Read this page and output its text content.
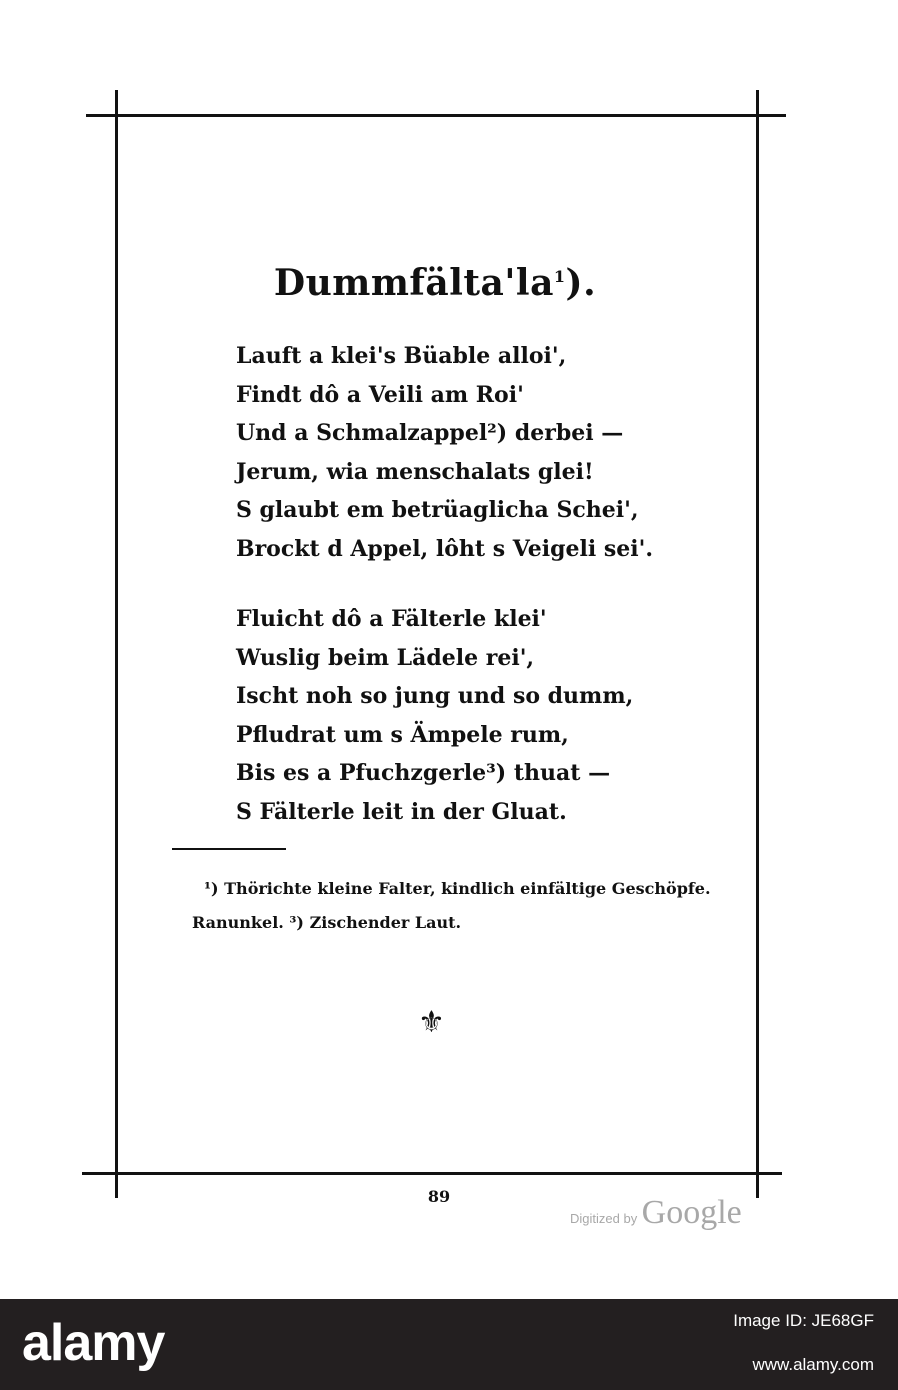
$Dummfälta'la^1$).
Lauft a klei's Büable alloi',
Findt dô a Veili am Roi'
Und a Schmalzappel²) derbei —
Jerum, wia menschalats glei!
S glaubt em betrüaglicha Schei',
Brockt d Appel, lôht s Veigeli sei'.
Fluicht dô a Fälterle klei'
Wuslig beim Lädele rei',
Ischt noh so jung und so dumm,
Pfludrat um s Ämpele rum,
Bis es a Pfuchzgerle³) thuat —
S Fälterle leit in der Gluat.

¹) Thörichte kleine Falter, kindlich einfältige Geschöpfe.

Ranunkel. ³) Zischender Laut.

⚜
89
Digitized by Google
alamy	Image ID: JE68GF
www.alamy.com
